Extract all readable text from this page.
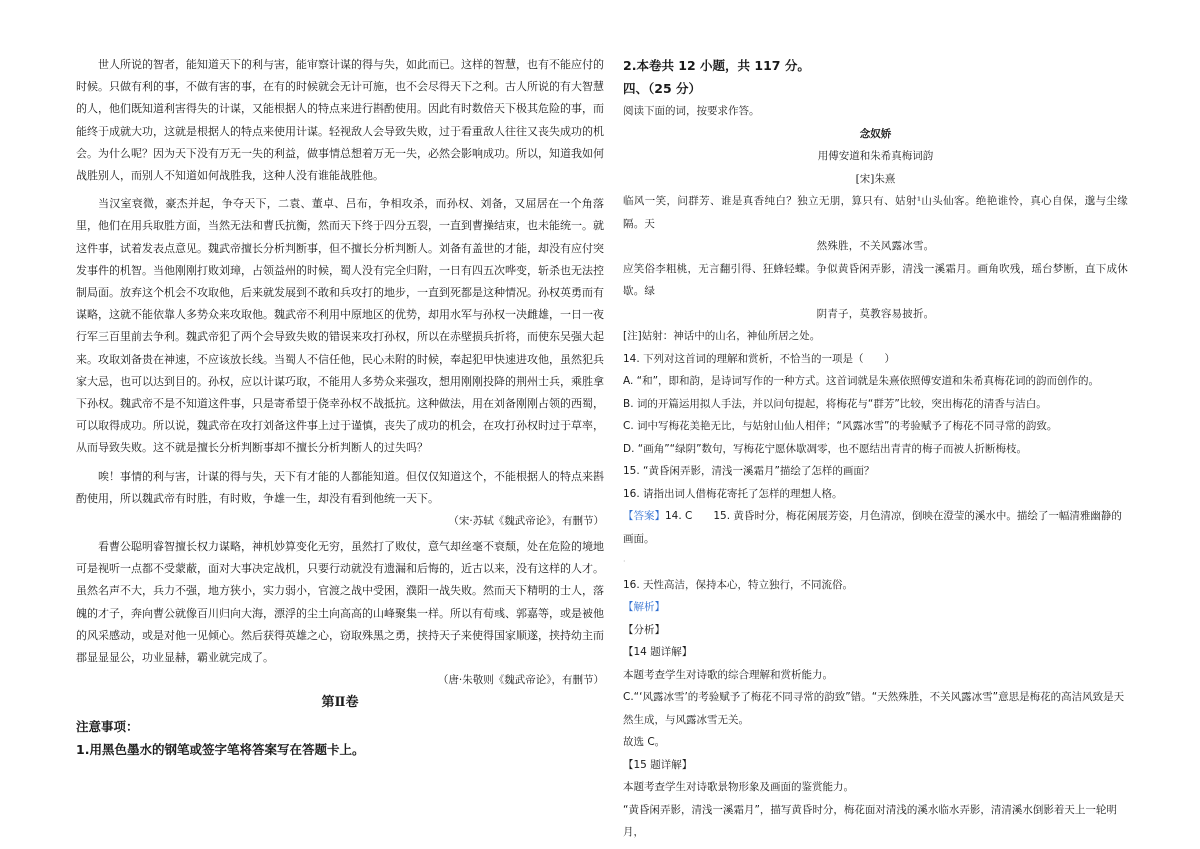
世人所说的智者，能知道天下的利与害，能审察计谋的得与失，如此而已。这样的智慧，也有不能应付的时候。只做有利的事，不做有害的事，在有的时候就会无计可施，也不会尽得天下之利。古人所说的有大智慧的人，他们既知道利害得失的计谋，又能根据人的特点来进行斟酌使用。因此有时数倍天下极其危险的事，而能终于成就大功，这就是根据人的特点来使用计谋。轻视敌人会导致失败，过于看重敌人往往又丧失成功的机会。为什么呢？因为天下没有万无一失的利益，做事情总想着万无一失，必然会影响成功。所以，知道我如何战胜别人，而别人不知道如何战胜我，这种人没有谁能战胜他。

当汉室衰微，豪杰并起，争夺天下，二袁、董卓、吕布，争相攻杀，而孙权、刘备，又屈居在一个角落里，他们在用兵取胜方面，当然无法和曹氏抗衡，然而天下终于四分五裂，一直到曹操结束，也未能统一。就这件事，试着发表点意见。魏武帝擅长分析判断事，但不擅长分析判断人。刘备有盖世的才能，却没有应付突发事件的机智。当他刚刚打败刘璋，占领益州的时候，蜀人没有完全归附，一日有四五次哗变，斩杀也无法控制局面。放弃这个机会不攻取他，后来就发展到不敢和兵攻打的地步，一直到死都是这种情况。孙权英勇而有谋略，这就不能依靠人多势众来攻取他。魏武帝不利用中原地区的优势，却用水军与孙权一决雌雄，一日一夜行军三百里前去争利。魏武帝犯了两个会导致失败的错误来攻打孙权，所以在赤壁损兵折将，而使东吴强大起来。攻取刘备贵在神速，不应该放长线。当蜀人不信任他，民心未附的时候，奉起犯甲快速进攻他，虽然犯兵家大忌，也可以达到目的。孙权，应以计谋巧取，不能用人多势众来强攻，想用刚刚投降的荆州士兵，乘胜拿下孙权。魏武帝不是不知道这件事，只是寄希望于侥幸孙权不战抵抗。这种做法，用在刘备刚刚占领的西蜀，可以取得成功。所以说，魏武帝在攻打刘备这件事上过于谨慎，丧失了成功的机会，在攻打孙权时过于草率，从而导致失败。这不就是擅长分析判断事却不擅长分析判断人的过失吗？

唉！事情的利与害，计谋的得与失，天下有才能的人都能知道。但仅仅知道这个，不能根据人的特点来斟酌使用，所以魏武帝有时胜，有时败，争雄一生，却没有看到他统一天下。

（宋·苏轼《魏武帝论》，有删节）

看曹公聪明睿智擅长权力谋略，神机妙算变化无穷，虽然打了败仗，意气却丝毫不衰颓，处在危险的境地可是视听一点都不受蒙蔽，面对大事决定战机，只要行动就没有遗漏和后悔的，近古以来，没有这样的人才。虽然名声不大，兵力不强，地方狭小，实力弱小，官渡之战中受困，濮阳一战失败。然而天下精明的士人，落魄的才子，奔向曹公就像百川归向大海，漂浮的尘土向高高的山峰聚集一样。所以有荀彧、郭嘉等，或是被他的风采感动，或是对他一见倾心。然后获得英雄之心，窃取殊黑之勇，挟持天子来使得国家顺遂，挟持幼主而郡显显显公，功业显赫，霸业就完成了。

（唐·朱敬则《魏武帝论》，有删节）

第Ⅱ卷

注意事项：

1.用黑色墨水的钢笔或签字笔将答案写在答题卡上。

2.本卷共 12 小题，共 117 分。

四、（25 分）

阅读下面的词，按要求作答。

念奴娇

用傅安道和朱希真梅词韵

[宋]朱熹

临风一笑，问群芳、谁是真香纯白？独立无朋，算只有、姑射¹山头仙客。绝艳谁怜，真心自保，邈与尘缘隔。天

然殊胜，不关风露冰雪。

应笑俗李粗桃，无言翻引得、狂蜂轻蝶。争似黄昏闲弄影，清浅一溪霜月。画角吹残，瑶台梦断，直下成休歇。绿

阴青子，莫教容易披折。

[注]姑射：神话中的山名，神仙所居之处。

14. 下列对这首词的理解和赏析，不恰当的一项是（　　）

A. “和”，即和韵，是诗词写作的一种方式。这首词就是朱熹依照傅安道和朱希真梅花词的韵而创作的。

B. 词的开篇运用拟人手法，并以问句提起，将梅花与“群芳”比较，突出梅花的清香与洁白。

C. 词中写梅花美艳无比，与姑射山仙人相伴；“风露冰雪”的考验赋予了梅花不同寻常的韵致。

D. “画角”“绿阴”数句，写梅花宁愿休歇凋零，也不愿结出青青的梅子而被人折断梅枝。

15. “黄昏闲弄影，清浅一溪霜月”描绘了怎样的画面？

16. 请指出词人借梅花寄托了怎样的理想人格。

【答案】14. C　　15. 黄昏时分，梅花闲展芳姿，月色清凉，倒映在澄莹的溪水中。描绘了一幅清雅幽静的画面。

·

16. 天性高洁，保持本心，特立独行，不同流俗。

【解析】

【分析】

【14 题详解】

本题考查学生对诗歌的综合理解和赏析能力。

C.“‘风露冰雪’的考验赋予了梅花不同寻常的韵致”错。“天然殊胜，不关风露冰雪”意思是梅花的高洁风致是天然生成，与风露冰雪无关。

故选 C。

【15 题详解】

本题考查学生对诗歌景物形象及画面的鉴赏能力。

“黄昏闲弄影，清浅一溪霜月”，描写黄昏时分，梅花面对清浅的溪水临水弄影，清清溪水倒影着天上一轮明月，
